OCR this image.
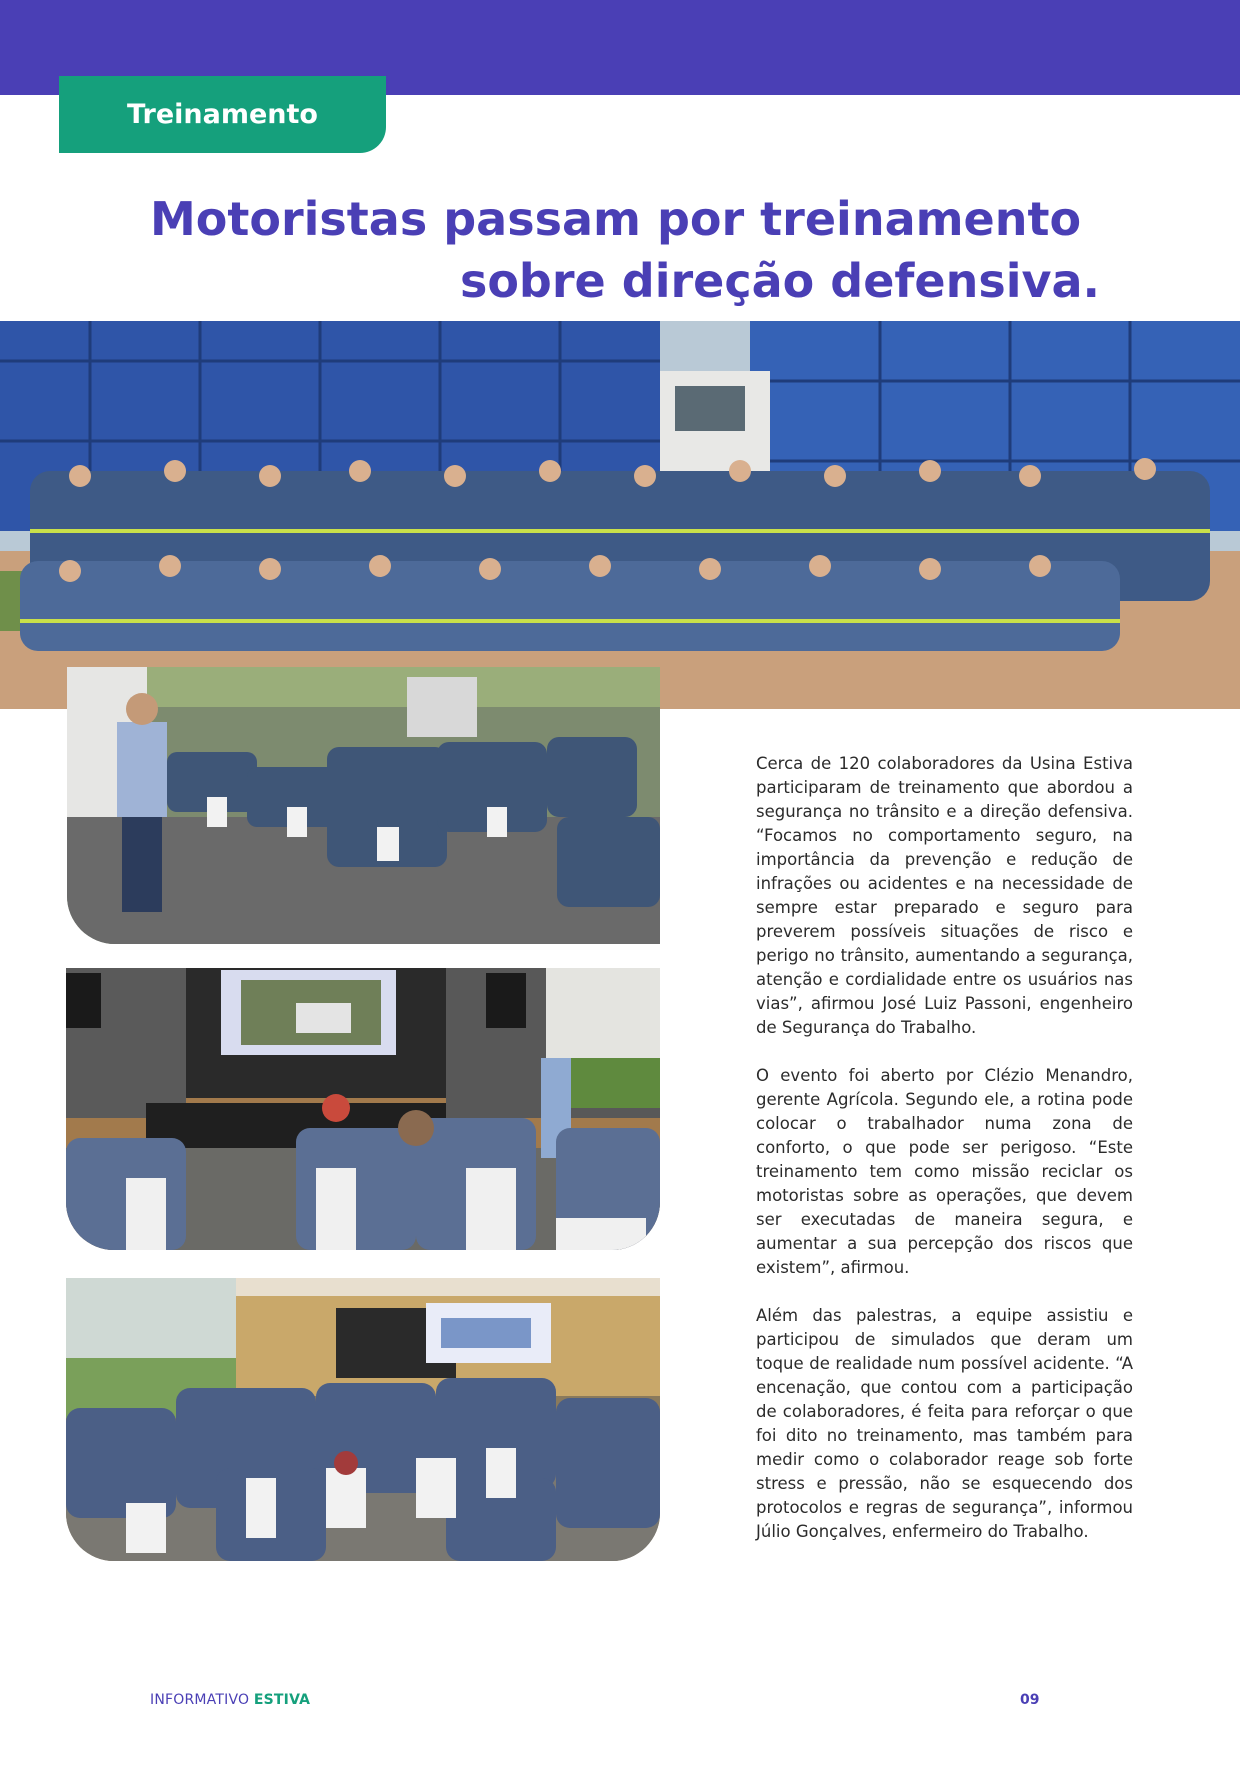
Treinamento
Motoristas passam por treinamento
sobre direção defensiva.

Cerca de 120 colaboradores da Usina Estiva participaram de treinamento que abordou a segurança no trânsito e a direção defensiva. “Focamos no comportamento seguro, na importância da prevenção e redução de infrações ou acidentes e na necessidade de sempre estar preparado e seguro para preverem possíveis situações de risco e perigo no trânsito, aumentando a segurança, atenção e cordialidade entre os usuários nas vias”, afirmou José Luiz Passoni, engenheiro de Segurança do Trabalho.

O evento foi aberto por Clézio Menandro, gerente Agrícola. Segundo ele, a rotina pode colocar o trabalhador numa zona de conforto, o que pode ser perigoso. “Este treinamento tem como missão reciclar os motoristas sobre as operações, que devem ser executadas de maneira segura, e aumentar a sua percepção dos riscos que existem”, afirmou.

Além das palestras, a equipe assistiu e participou de simulados que deram um toque de realidade num possível acidente. “A encenação, que contou com a participação de colaboradores, é feita para reforçar o que foi dito no treinamento, mas também para medir como o colaborador reage sob forte stress e pressão, não se esquecendo dos protocolos e regras de segurança”, informou Júlio Gonçalves, enfermeiro do Trabalho.

INFORMATIVO ESTIVA	09
